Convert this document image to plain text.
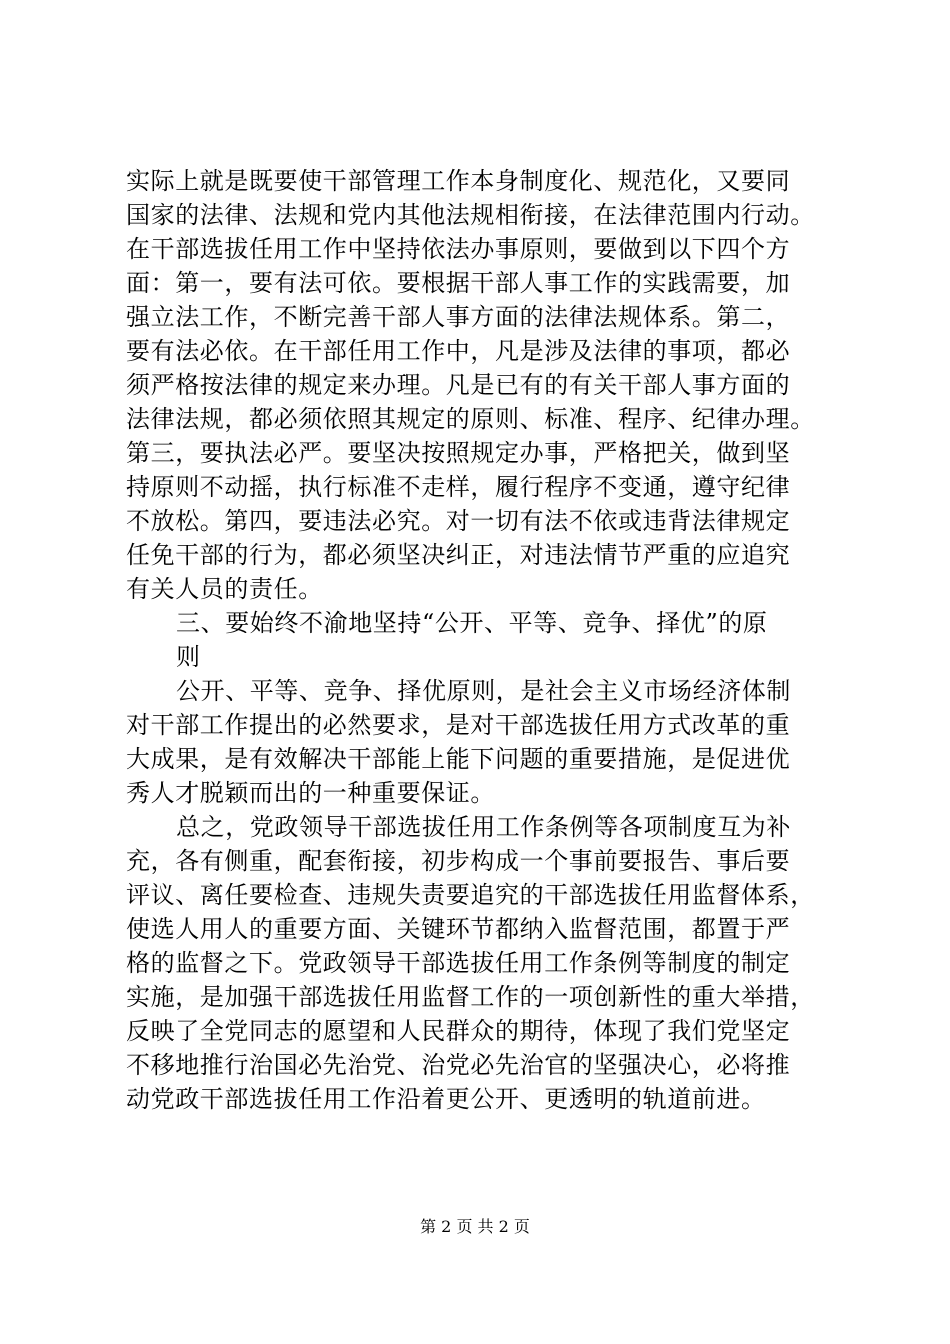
实际上就是既要使干部管理工作本身制度化、规范化，又要同
国家的法律、法规和党内其他法规相衔接，在法律范围内行动。
在干部选拔任用工作中坚持依法办事原则，要做到以下四个方
面：第一，要有法可依。要根据干部人事工作的实践需要，加
强立法工作，不断完善干部人事方面的法律法规体系。第二，
要有法必依。在干部任用工作中，凡是涉及法律的事项，都必
须严格按法律的规定来办理。凡是已有的有关干部人事方面的
法律法规，都必须依照其规定的原则、标准、程序、纪律办理。
第三，要执法必严。要坚决按照规定办事，严格把关，做到坚
持原则不动摇，执行标准不走样，履行程序不变通，遵守纪律
不放松。第四，要违法必究。对一切有法不依或违背法律规定
任免干部的行为，都必须坚决纠正，对违法情节严重的应追究
有关人员的责任。
三、要始终不渝地坚持“公开、平等、竞争、择优”的原
则
公开、平等、竞争、择优原则，是社会主义市场经济体制
对干部工作提出的必然要求，是对干部选拔任用方式改革的重
大成果，是有效解决干部能上能下问题的重要措施，是促进优
秀人才脱颖而出的一种重要保证。
总之，党政领导干部选拔任用工作条例等各项制度互为补
充，各有侧重，配套衔接，初步构成一个事前要报告、事后要
评议、离任要检查、违规失责要追究的干部选拔任用监督体系，
使选人用人的重要方面、关键环节都纳入监督范围，都置于严
格的监督之下。党政领导干部选拔任用工作条例等制度的制定
实施，是加强干部选拔任用监督工作的一项创新性的重大举措，
反映了全党同志的愿望和人民群众的期待，体现了我们党坚定
不移地推行治国必先治党、治党必先治官的坚强决心，必将推
动党政干部选拔任用工作沿着更公开、更透明的轨道前进。
第 2 页 共 2 页
